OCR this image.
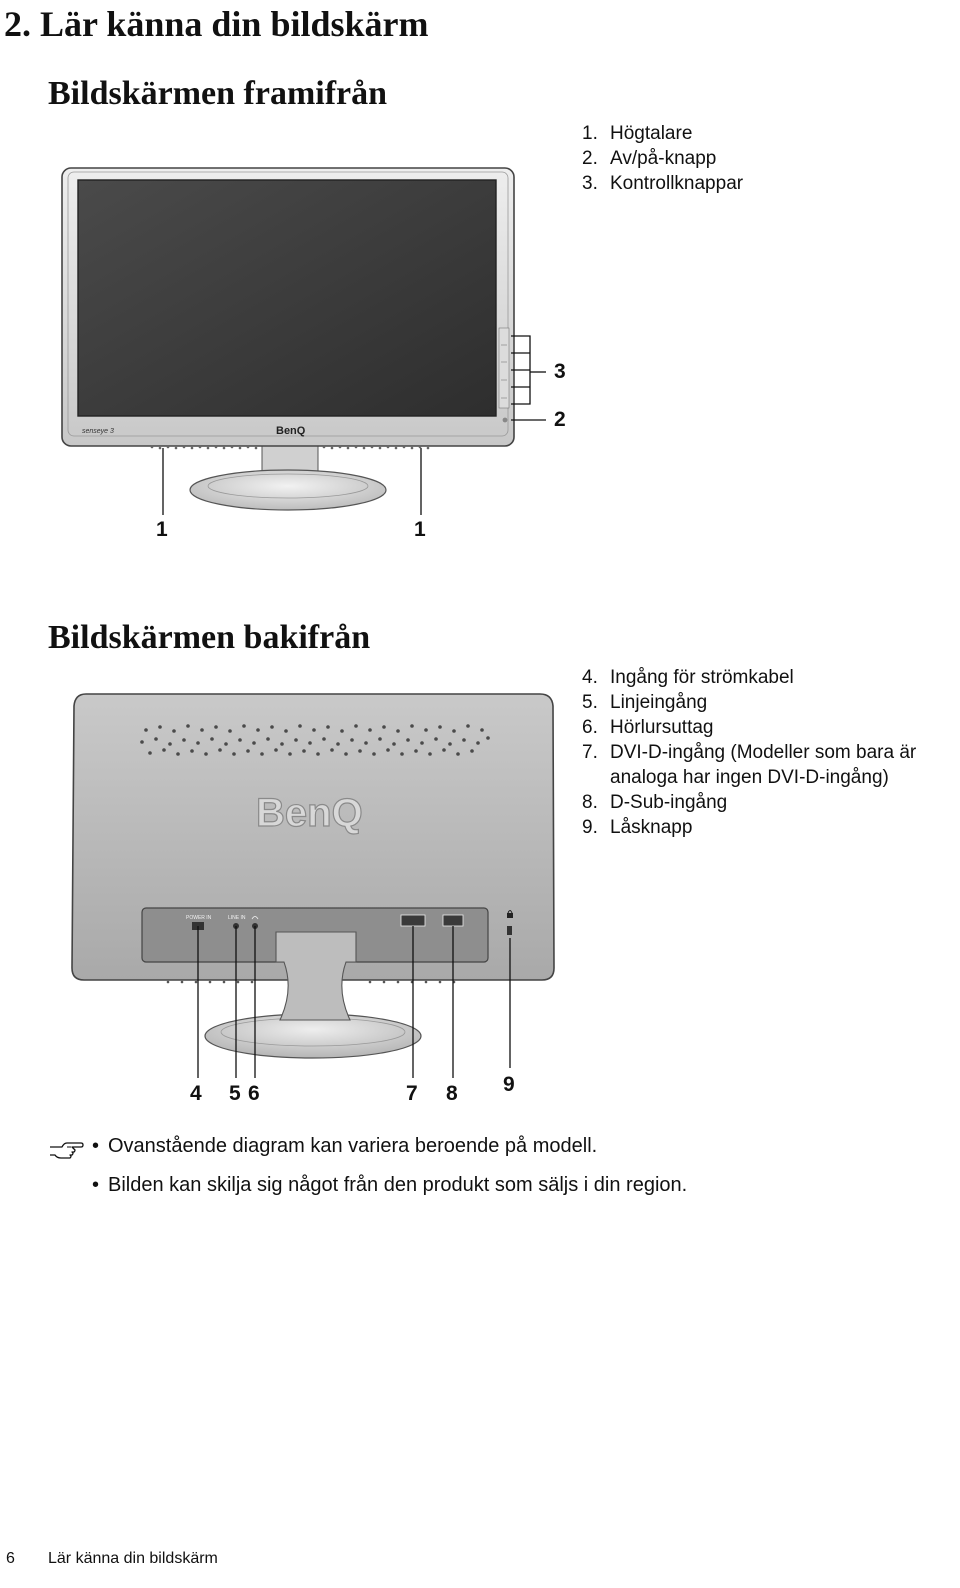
2. Lär känna din bildskärm
Bildskärmen framifrån
1. Högtalare
2. Av/på-knapp
3. Kontrollknappar
senseye 3	BenQ
1	1
3
2
Bildskärmen bakifrån
4. Ingång för strömkabel
5. Linjeingång
6. Hörlursuttag
7. DVI-D-ingång (Modeller som bara är
analoga har ingen DVI-D-ingång)
8. D-Sub-ingång
9. Låsknapp
BenQ
POWER IN	LINE IN
4 5 6	7 8 9

• Ovanstående diagram kan variera beroende på modell.

• Bilden kan skilja sig något från den produkt som säljs i din region.

6 Lär känna din bildskärm
